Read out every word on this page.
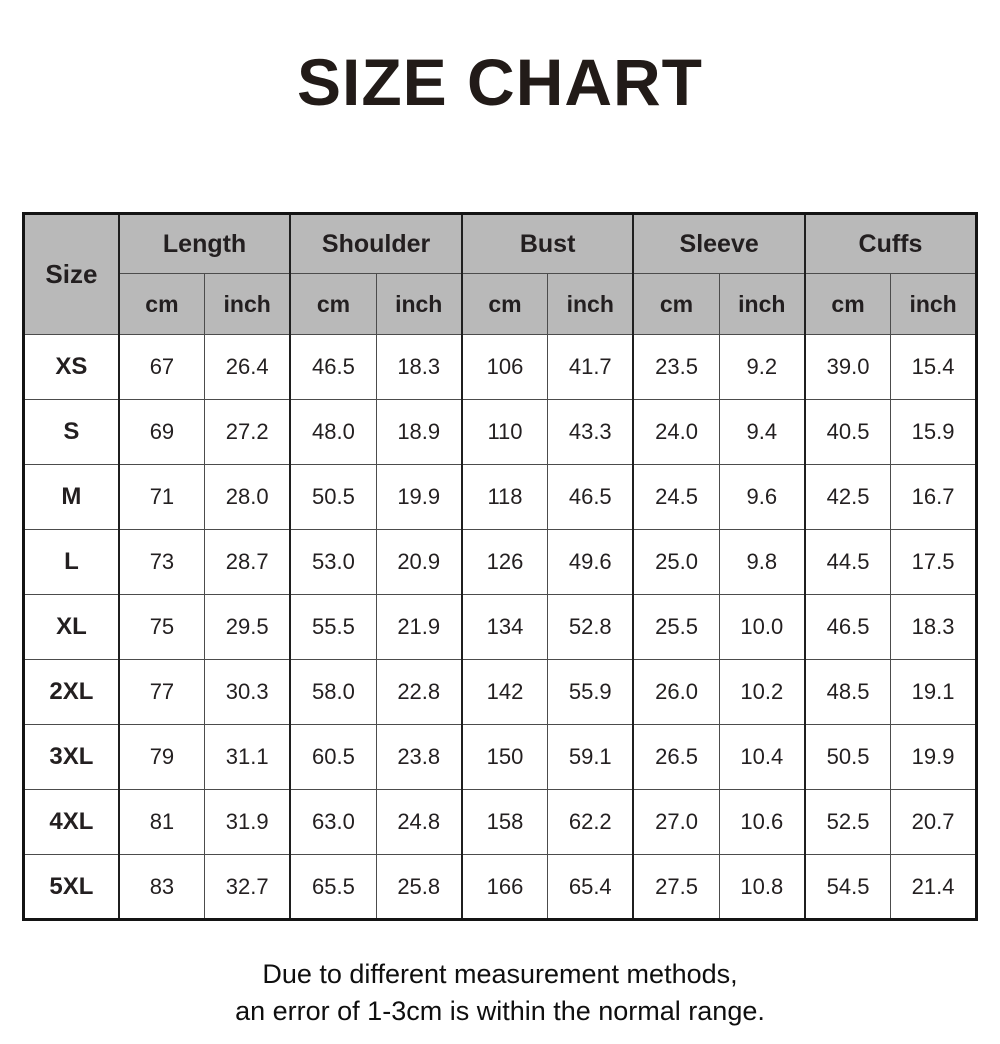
SIZE CHART
Size	Length		Shoulder		Bust		Sleeve		Cuffs	
	cm	inch	cm	inch	cm	inch	cm	inch	cm	inch
XS	67	26.4	46.5	18.3	106	41.7	23.5	9.2	39.0	15.4
S	69	27.2	48.0	18.9	110	43.3	24.0	9.4	40.5	15.9
M	71	28.0	50.5	19.9	118	46.5	24.5	9.6	42.5	16.7
L	73	28.7	53.0	20.9	126	49.6	25.0	9.8	44.5	17.5
XL	75	29.5	55.5	21.9	134	52.8	25.5	10.0	46.5	18.3
2XL	77	30.3	58.0	22.8	142	55.9	26.0	10.2	48.5	19.1
3XL	79	31.1	60.5	23.8	150	59.1	26.5	10.4	50.5	19.9
4XL	81	31.9	63.0	24.8	158	62.2	27.0	10.6	52.5	20.7
5XL	83	32.7	65.5	25.8	166	65.4	27.5	10.8	54.5	21.4
Due to different measurement methods,
an error of 1-3cm is within the normal range.
